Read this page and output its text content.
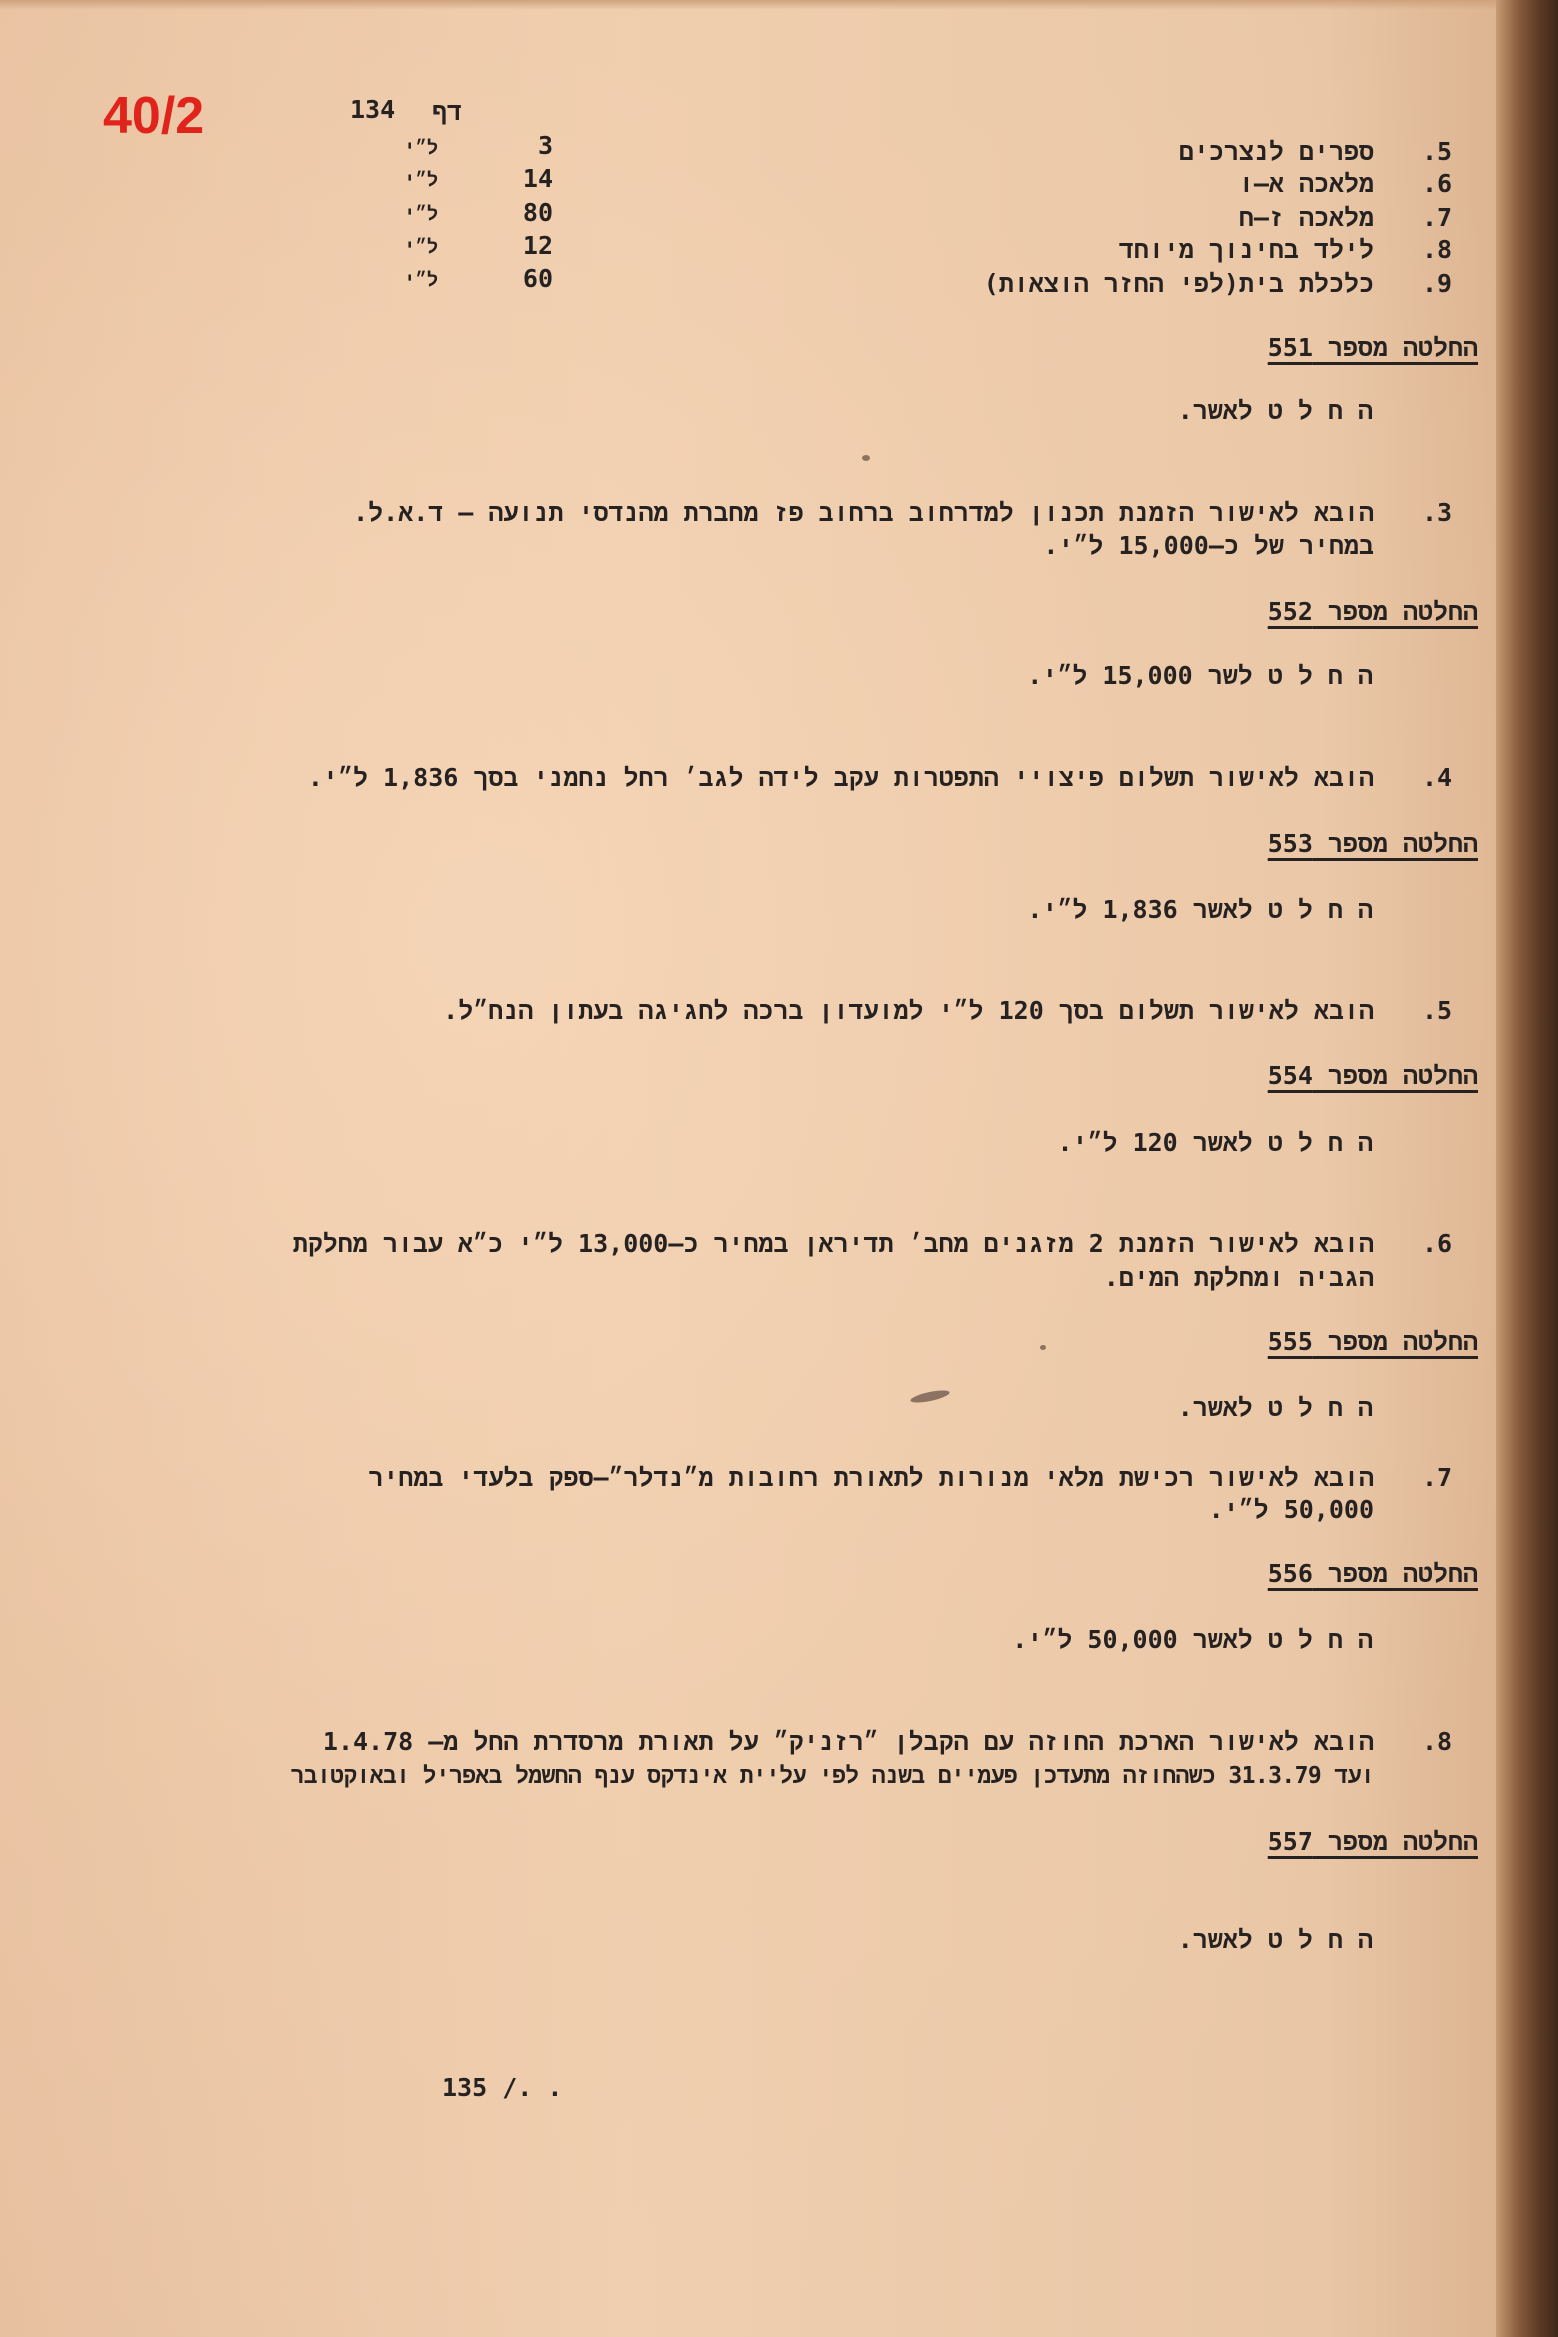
40/2	134 דף
.5
ספרים לנצרכים
3
ל״י
.6
מלאכה א–ו
14
ל״י
.7
מלאכה ז–ח
80
ל״י
.8
לילד בחינוך מיוחד
12
ל״י
.9
כלכלת בית(לפי החזר הוצאות)
60
ל״י
החלטה מספר 551
ה ח ל ט לאשר.
.3
הובא לאישור הזמנת תכנון למדרחוב ברחוב פז מחברת מהנדסי תנועה – ד.א.ל.
במחיר של כ–15,000 ל״י.
החלטה מספר 552
ה ח ל ט לשר 15,000 ל״י.
.4
הובא לאישור תשלום פיצויי התפטרות עקב לידה לגב׳ רחל נחמני בסך 1,836 ל״י.
החלטה מספר 553
ה ח ל ט לאשר 1,836 ל״י.
.5
הובא לאישור תשלום בסך 120 ל״י למועדון ברכה לחגיגה בעתון הנח״ל.
החלטה מספר 554
ה ח ל ט לאשר 120 ל״י.
.6
הובא לאישור הזמנת 2 מזגנים מחב׳ תדיראן במחיר כ–13,000 ל״י כ״א עבור מחלקת
הגביה ומחלקת המים.
החלטה מספר 555
ה ח ל ט לאשר.
.7
הובא לאישור רכישת מלאי מנורות לתאורת רחובות מ״נדלר״–ספק בלעדי במחיר
50,000 ל״י.
החלטה מספר 556
ה ח ל ט לאשר 50,000 ל״י.
.8
הובא לאישור הארכת החוזה עם הקבלן ״רזניק״ על תאורת מרסדרת החל מ– 1.4.78
ועד 31.3.79 כשהחוזה מתעדכן פעמיים בשנה לפי עליית אינדקס ענף החשמל באפריל ובאוקטובר
החלטה מספר 557
ה ח ל ט לאשר.
135 /. .
